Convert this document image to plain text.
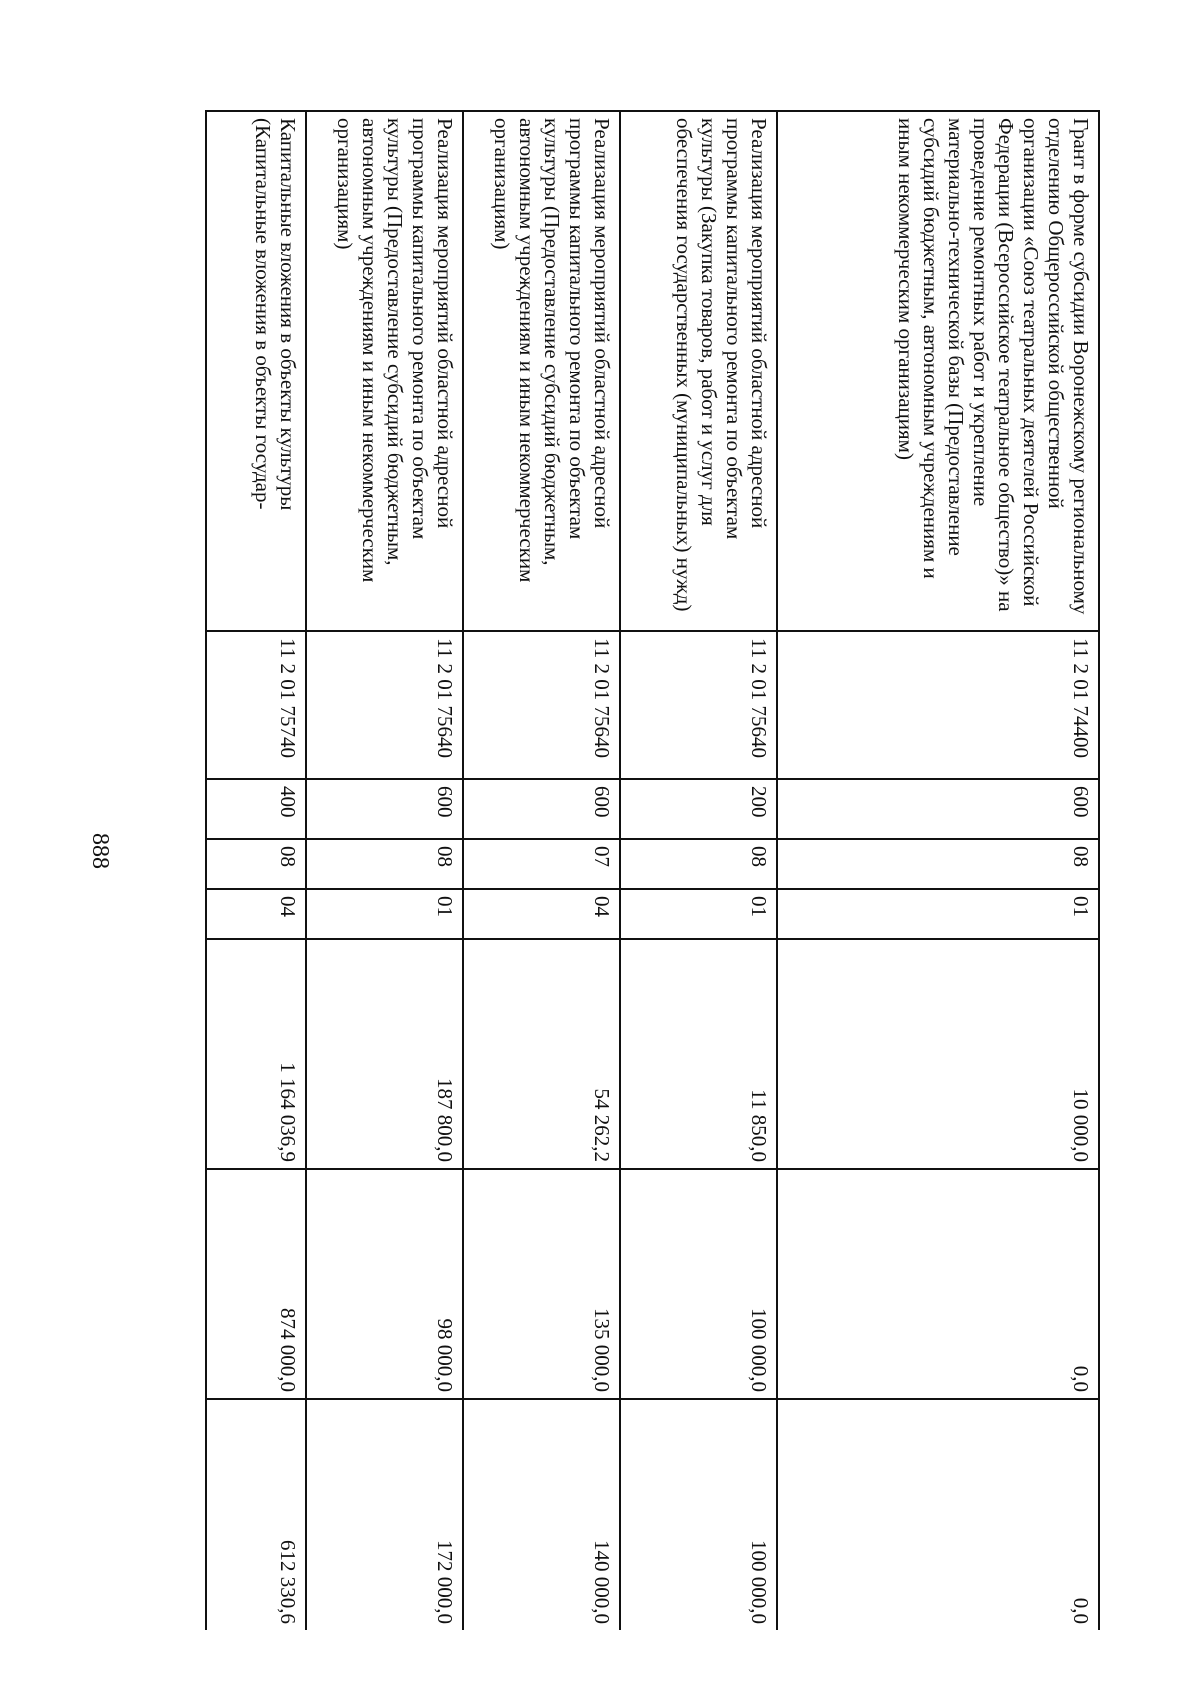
888
Грант в форме субсидии Воронежскому региональному отделению Общероссийской общественной организации «Союз театральных деятелей Российской Федерации (Всероссийское театральное общество)» на проведение ремонтных работ и укрепление материально-технической базы (Предоставление субсидий бюджетным, автономным учреждениям и иным некоммерческим организациям)	11 2 01 74400	600	08	01	10 000,0	0,0	0,0
Реализация мероприятий областной адресной программы капитального ремонта по объектам культуры (Закупка товаров, работ и услуг для обеспечения государственных (муниципальных) нужд)	11 2 01 75640	200	08	01	11 850,0	100 000,0	100 000,0
Реализация мероприятий областной адресной программы капитального ремонта по объектам культуры (Предоставление субсидий бюджетным, автономным учреждениям и иным некоммерческим организациям)	11 2 01 75640	600	07	04	54 262,2	135 000,0	140 000,0
Реализация мероприятий областной адресной программы капитального ремонта по объектам культуры (Предоставление субсидий бюджетным, автономным учреждениям и иным некоммерческим организациям)	11 2 01 75640	600	08	01	187 800,0	98 000,0	172 000,0
Капитальные вложения в объекты культуры (Капитальные вложения в объекты государ-	11 2 01 75740	400	08	04	1 164 036,9	874 000,0	612 330,6
